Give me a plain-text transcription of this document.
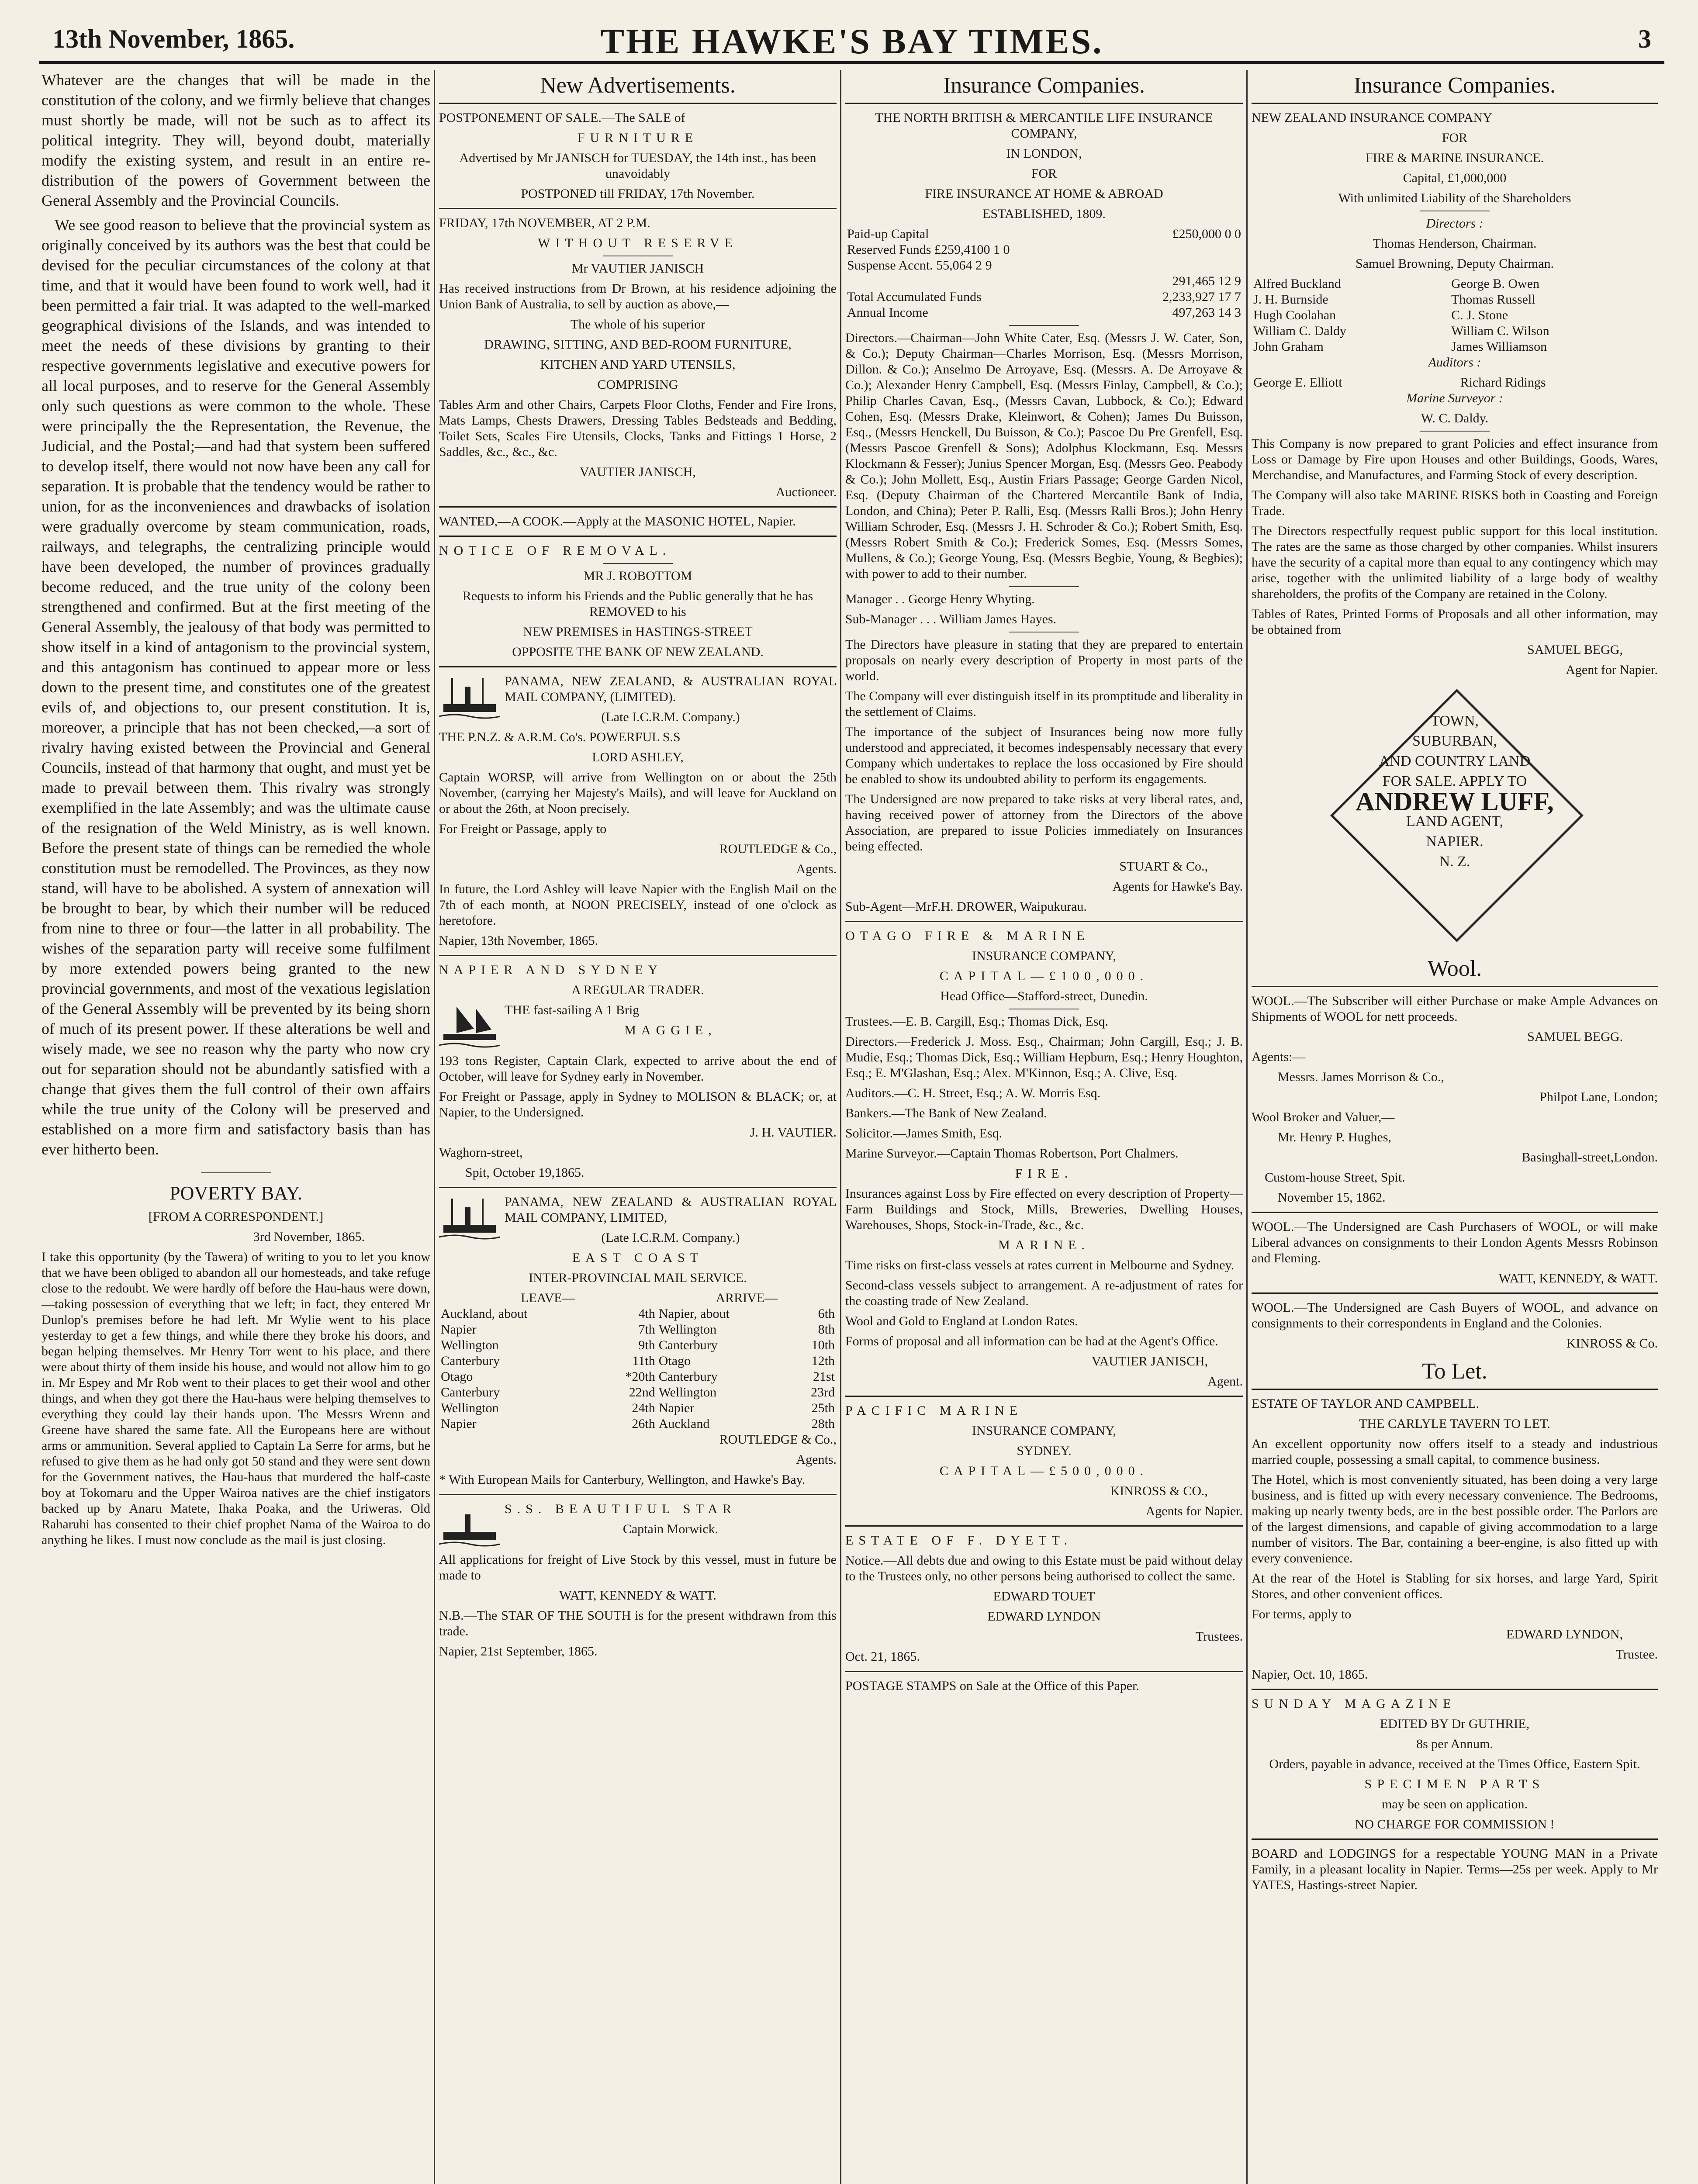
13th November, 1865.	THE HAWKE'S BAY TIMES.	3

Whatever are the changes that will be made in the constitution of the colony, and we firmly believe that changes must shortly be made, will not be such as to affect its political integrity. They will, beyond doubt, materially modify the existing system, and result in an entire re-distribution of the powers of Government between the General Assembly and the Provincial Councils.

We see good reason to believe that the provincial system as originally conceived by its authors was the best that could be devised for the peculiar circumstances of the colony at that time, and that it would have been found to work well, had it been permitted a fair trial. It was adapted to the well-marked geographical divisions of the Islands, and was intended to meet the needs of these divisions by granting to their respective governments legislative and executive powers for all local purposes, and to reserve for the General Assembly only such questions as were common to the whole. These were principally the the Representation, the Revenue, the Judicial, and the Postal;—and had that system been suffered to develop itself, there would not now have been any call for separation. It is probable that the tendency would be rather to union, for as the inconveniences and drawbacks of isolation were gradually overcome by steam communication, roads, railways, and telegraphs, the centralizing principle would have been developed, the number of provinces gradually become reduced, and the true unity of the colony been strengthened and confirmed. But at the first meeting of the General Assembly, the jealousy of that body was permitted to show itself in a kind of antagonism to the provincial system, and this antagonism has continued to appear more or less down to the present time, and constitutes one of the greatest evils of, and objections to, our present constitution. It is, moreover, a principle that has not been checked,—a sort of rivalry having existed between the Provincial and General Councils, instead of that harmony that ought, and must yet be made to prevail between them. This rivalry was strongly exemplified in the late Assembly; and was the ultimate cause of the resignation of the Weld Ministry, as is well known. Before the present state of things can be remedied the whole constitution must be remodelled. The Provinces, as they now stand, will have to be abolished. A system of annexation will be brought to bear, by which their number will be reduced from nine to three or four—the latter in all probability. The wishes of the separation party will receive some fulfilment by more extended powers being granted to the new provincial governments, and most of the vexatious legislation of the General Assembly will be prevented by its being shorn of much of its present power. If these alterations be well and wisely made, we see no reason why the party who now cry out for separation should not be abundantly satisfied with a change that gives them the full control of their own affairs while the true unity of the Colony will be preserved and established on a more firm and satisfactory basis than has ever hitherto been.

POVERTY BAY.

[FROM A CORRESPONDENT.]

3rd November, 1865.

I take this opportunity (by the Tawera) of writing to you to let you know that we have been obliged to abandon all our homesteads, and take refuge close to the redoubt. We were hardly off before the Hau-haus were down,—taking possession of everything that we left; in fact, they entered Mr Dunlop's premises before he had left. Mr Wylie went to his place yesterday to get a few things, and while there they broke his doors, and began helping themselves. Mr Henry Torr went to his place, and there were about thirty of them inside his house, and would not allow him to go in. Mr Espey and Mr Rob went to their places to get their wool and other things, and when they got there the Hau-haus were helping themselves to everything they could lay their hands upon. The Messrs Wrenn and Greene have shared the same fate. All the Europeans here are without arms or ammunition. Several applied to Captain La Serre for arms, but he refused to give them as he had only got 50 stand and they were sent down for the Government natives, the Hau-haus that murdered the half-caste boy at Tokomaru and the Upper Wairoa natives are the chief instigators backed up by Anaru Matete, Ihaka Poaka, and the Uriweras. Old Raharuhi has consented to their chief prophet Nama of the Wairoa to do anything he likes. I must now conclude as the mail is just closing.

New Advertisements.

POSTPONEMENT OF SALE.—The SALE of

FURNITURE

Advertised by Mr JANISCH for TUESDAY, the 14th inst., has been unavoidably

POSTPONED till FRIDAY, 17th November.

FRIDAY, 17th NOVEMBER, AT 2 P.M.

WITHOUT RESERVE

Mr VAUTIER JANISCH

Has received instructions from Dr Brown, at his residence adjoining the Union Bank of Australia, to sell by auction as above,—

The whole of his superior

DRAWING, SITTING, AND BED-ROOM FURNITURE,

KITCHEN AND YARD UTENSILS,

COMPRISING

Tables Arm and other Chairs, Carpets Floor Cloths, Fender and Fire Irons, Mats Lamps, Chests Drawers, Dressing Tables Bedsteads and Bedding, Toilet Sets, Scales Fire Utensils, Clocks, Tanks and Fittings 1 Horse, 2 Saddles, &c., &c., &c.

VAUTIER JANISCH,

Auctioneer.

WANTED,—A COOK.—Apply at the MASONIC HOTEL, Napier.

NOTICE OF REMOVAL.

MR J. ROBOTTOM

Requests to inform his Friends and the Public generally that he has REMOVED to his

NEW PREMISES in HASTINGS-STREET

OPPOSITE THE BANK OF NEW ZEALAND.

PANAMA, NEW ZEALAND, & AUSTRALIAN ROYAL MAIL COMPANY, (LIMITED).

(Late I.C.R.M. Company.)

THE P.N.Z. & A.R.M. Co's. POWERFUL S.S

LORD ASHLEY,

Captain WORSP, will arrive from Wellington on or about the 25th November, (carrying her Majesty's Mails), and will leave for Auckland on or about the 26th, at Noon precisely.

For Freight or Passage, apply to

ROUTLEDGE & Co.,

Agents.

In future, the Lord Ashley will leave Napier with the English Mail on the 7th of each month, at NOON PRECISELY, instead of one o'clock as heretofore.

Napier, 13th November, 1865.

NAPIER AND SYDNEY

A REGULAR TRADER.

THE fast-sailing A 1 Brig

MAGGIE,

193 tons Register, Captain Clark, expected to arrive about the end of October, will leave for Sydney early in November.

For Freight or Passage, apply in Sydney to MOLISON & BLACK; or, at Napier, to the Undersigned.

J. H. VAUTIER.

Waghorn-street,

Spit, October 19,1865.

PANAMA, NEW ZEALAND & AUSTRALIAN ROYAL MAIL COMPANY, LIMITED,

(Late I.C.R.M. Company.)

EAST COAST

INTER-PROVINCIAL MAIL SERVICE.

LEAVE—		ARRIVE—	
Auckland, about	4th	Napier, about	6th
Napier	7th	Wellington	8th
Wellington	9th	Canterbury	10th
Canterbury	11th	Otago	12th
Otago	*20th	Canterbury	21st
Canterbury	22nd	Wellington	23rd
Wellington	24th	Napier	25th
Napier	26th	Auckland	28th

ROUTLEDGE & Co.,

Agents.

* With European Mails for Canterbury, Wellington, and Hawke's Bay.

S.S. BEAUTIFUL STAR

Captain Morwick.

All applications for freight of Live Stock by this vessel, must in future be made to

WATT, KENNEDY & WATT.

N.B.—The STAR OF THE SOUTH is for the present withdrawn from this trade.

Napier, 21st September, 1865.

Insurance Companies.

THE NORTH BRITISH & MERCANTILE LIFE INSURANCE COMPANY,

IN LONDON,

FOR

FIRE INSURANCE AT HOME & ABROAD

ESTABLISHED, 1809.

Paid-up Capital	£250,000 0 0
Reserved Funds £259,4100 1 0	
Suspense Accnt. 55,064 2 9	
	291,465 12 9
Total Accumulated Funds	2,233,927 17 7
Annual Income	497,263 14 3

Directors.—Chairman—John White Cater, Esq. (Messrs J. W. Cater, Son, & Co.); Deputy Chairman—Charles Morrison, Esq. (Messrs Morrison, Dillon. & Co.); Anselmo De Arroyave, Esq. (Messrs. A. De Arroyave & Co.); Alexander Henry Campbell, Esq. (Messrs Finlay, Campbell, & Co.); Philip Charles Cavan, Esq., (Messrs Cavan, Lubbock, & Co.); Edward Cohen, Esq. (Messrs Drake, Kleinwort, & Cohen); James Du Buisson, Esq., (Messrs Henckell, Du Buisson, & Co.); Pascoe Du Pre Grenfell, Esq. (Messrs Pascoe Grenfell & Sons); Adolphus Klockmann, Esq. Messrs Klockmann & Fesser); Junius Spencer Morgan, Esq. (Messrs Geo. Peabody & Co.); John Mollett, Esq., Austin Friars Passage; George Garden Nicol, Esq. (Deputy Chairman of the Chartered Mercantile Bank of India, London, and China); Peter P. Ralli, Esq. (Messrs Ralli Bros.); John Henry William Schroder, Esq. (Messrs J. H. Schroder & Co.); Robert Smith, Esq. (Messrs Robert Smith & Co.); Frederick Somes, Esq. (Messrs Somes, Mullens, & Co.); George Young, Esq. (Messrs Begbie, Young, & Begbies); with power to add to their number.

Manager . . George Henry Whyting.

Sub-Manager . . . William James Hayes.

The Directors have pleasure in stating that they are prepared to entertain proposals on nearly every description of Property in most parts of the world.

The Company will ever distinguish itself in its promptitude and liberality in the settlement of Claims.

The importance of the subject of Insurances being now more fully understood and appreciated, it becomes indespensably necessary that every Company which undertakes to replace the loss occasioned by Fire should be enabled to show its undoubted ability to perform its engagements.

The Undersigned are now prepared to take risks at very liberal rates, and, having received power of attorney from the Directors of the above Association, are prepared to issue Policies immediately on Insurances being effected.

STUART & Co.,

Agents for Hawke's Bay.

Sub-Agent—MrF.H. DROWER, Waipukurau.

OTAGO FIRE & MARINE

INSURANCE COMPANY,

CAPITAL—£100,000.

Head Office—Stafford-street, Dunedin.

Trustees.—E. B. Cargill, Esq.; Thomas Dick, Esq.

Directors.—Frederick J. Moss. Esq., Chairman; John Cargill, Esq.; J. B. Mudie, Esq.; Thomas Dick, Esq.; William Hepburn, Esq.; Henry Houghton, Esq.; E. M'Glashan, Esq.; Alex. M'Kinnon, Esq.; A. Clive, Esq.

Auditors.—C. H. Street, Esq.; A. W. Morris Esq.

Bankers.—The Bank of New Zealand.

Solicitor.—James Smith, Esq.

Marine Surveyor.—Captain Thomas Robertson, Port Chalmers.

FIRE.

Insurances against Loss by Fire effected on every description of Property—Farm Buildings and Stock, Mills, Breweries, Dwelling Houses, Warehouses, Shops, Stock-in-Trade, &c., &c.

MARINE.

Time risks on first-class vessels at rates current in Melbourne and Sydney.

Second-class vessels subject to arrangement. A re-adjustment of rates for the coasting trade of New Zealand.

Wool and Gold to England at London Rates.

Forms of proposal and all information can be had at the Agent's Office.

VAUTIER JANISCH,

Agent.

PACIFIC MARINE

INSURANCE COMPANY,

SYDNEY.

CAPITAL—£500,000.

KINROSS & CO.,

Agents for Napier.

ESTATE OF F. DYETT.

Notice.—All debts due and owing to this Estate must be paid without delay to the Trustees only, no other persons being authorised to collect the same.

EDWARD TOUET

EDWARD LYNDON

Trustees.

Oct. 21, 1865.

POSTAGE STAMPS on Sale at the Office of this Paper.

Insurance Companies.

NEW ZEALAND INSURANCE COMPANY

FOR

FIRE & MARINE INSURANCE.

Capital, £1,000,000

With unlimited Liability of the Shareholders

Directors :

Thomas Henderson, Chairman.

Samuel Browning, Deputy Chairman.

Alfred Buckland	George B. Owen
J. H. Burnside	Thomas Russell
Hugh Coolahan	C. J. Stone
William C. Daldy	William C. Wilson
John Graham	James Williamson

Auditors :

George E. Elliott	Richard Ridings

Marine Surveyor :

W. C. Daldy.

This Company is now prepared to grant Policies and effect insurance from Loss or Damage by Fire upon Houses and other Buildings, Goods, Wares, Merchandise, and Manufactures, and Farming Stock of every description.

The Company will also take MARINE RISKS both in Coasting and Foreign Trade.

The Directors respectfully request public support for this local institution. The rates are the same as those charged by other companies. Whilst insurers have the security of a capital more than equal to any contingency which may arise, together with the unlimited liability of a large body of wealthy shareholders, the profits of the Company are retained in the Colony.

Tables of Rates, Printed Forms of Proposals and all other information, may be obtained from

SAMUEL BEGG,

Agent for Napier.

TOWN,
SUBURBAN,
AND COUNTRY LAND
FOR SALE. APPLY TO
ANDREW LUFF,
LAND AGENT,
NAPIER.
N. Z.
Wool.

WOOL.—The Subscriber will either Purchase or make Ample Advances on Shipments of WOOL for nett proceeds.

SAMUEL BEGG.

Agents:—

Messrs. James Morrison & Co.,

Philpot Lane, London;

Wool Broker and Valuer,—

Mr. Henry P. Hughes,

Basinghall-street,London.

Custom-house Street, Spit.

November 15, 1862.

WOOL.—The Undersigned are Cash Purchasers of WOOL, or will make Liberal advances on consignments to their London Agents Messrs Robinson and Fleming.

WATT, KENNEDY, & WATT.

WOOL.—The Undersigned are Cash Buyers of WOOL, and advance on consignments to their correspondents in England and the Colonies.

KINROSS & Co.

To Let.

ESTATE OF TAYLOR AND CAMPBELL.

THE CARLYLE TAVERN TO LET.

An excellent opportunity now offers itself to a steady and industrious married couple, possessing a small capital, to commence business.

The Hotel, which is most conveniently situated, has been doing a very large business, and is fitted up with every necessary convenience. The Bedrooms, making up nearly twenty beds, are in the best possible order. The Parlors are of the largest dimensions, and capable of giving accommodation to a large number of visitors. The Bar, containing a beer-engine, is also fitted up with every convenience.

At the rear of the Hotel is Stabling for six horses, and large Yard, Spirit Stores, and other convenient offices.

For terms, apply to

EDWARD LYNDON,

Trustee.

Napier, Oct. 10, 1865.

SUNDAY MAGAZINE

EDITED BY Dr GUTHRIE,

8s per Annum.

Orders, payable in advance, received at the Times Office, Eastern Spit.

SPECIMEN PARTS

may be seen on application.

NO CHARGE FOR COMMISSION !

BOARD and LODGINGS for a respectable YOUNG MAN in a Private Family, in a pleasant locality in Napier. Terms—25s per week. Apply to Mr YATES, Hastings-street Napier.
